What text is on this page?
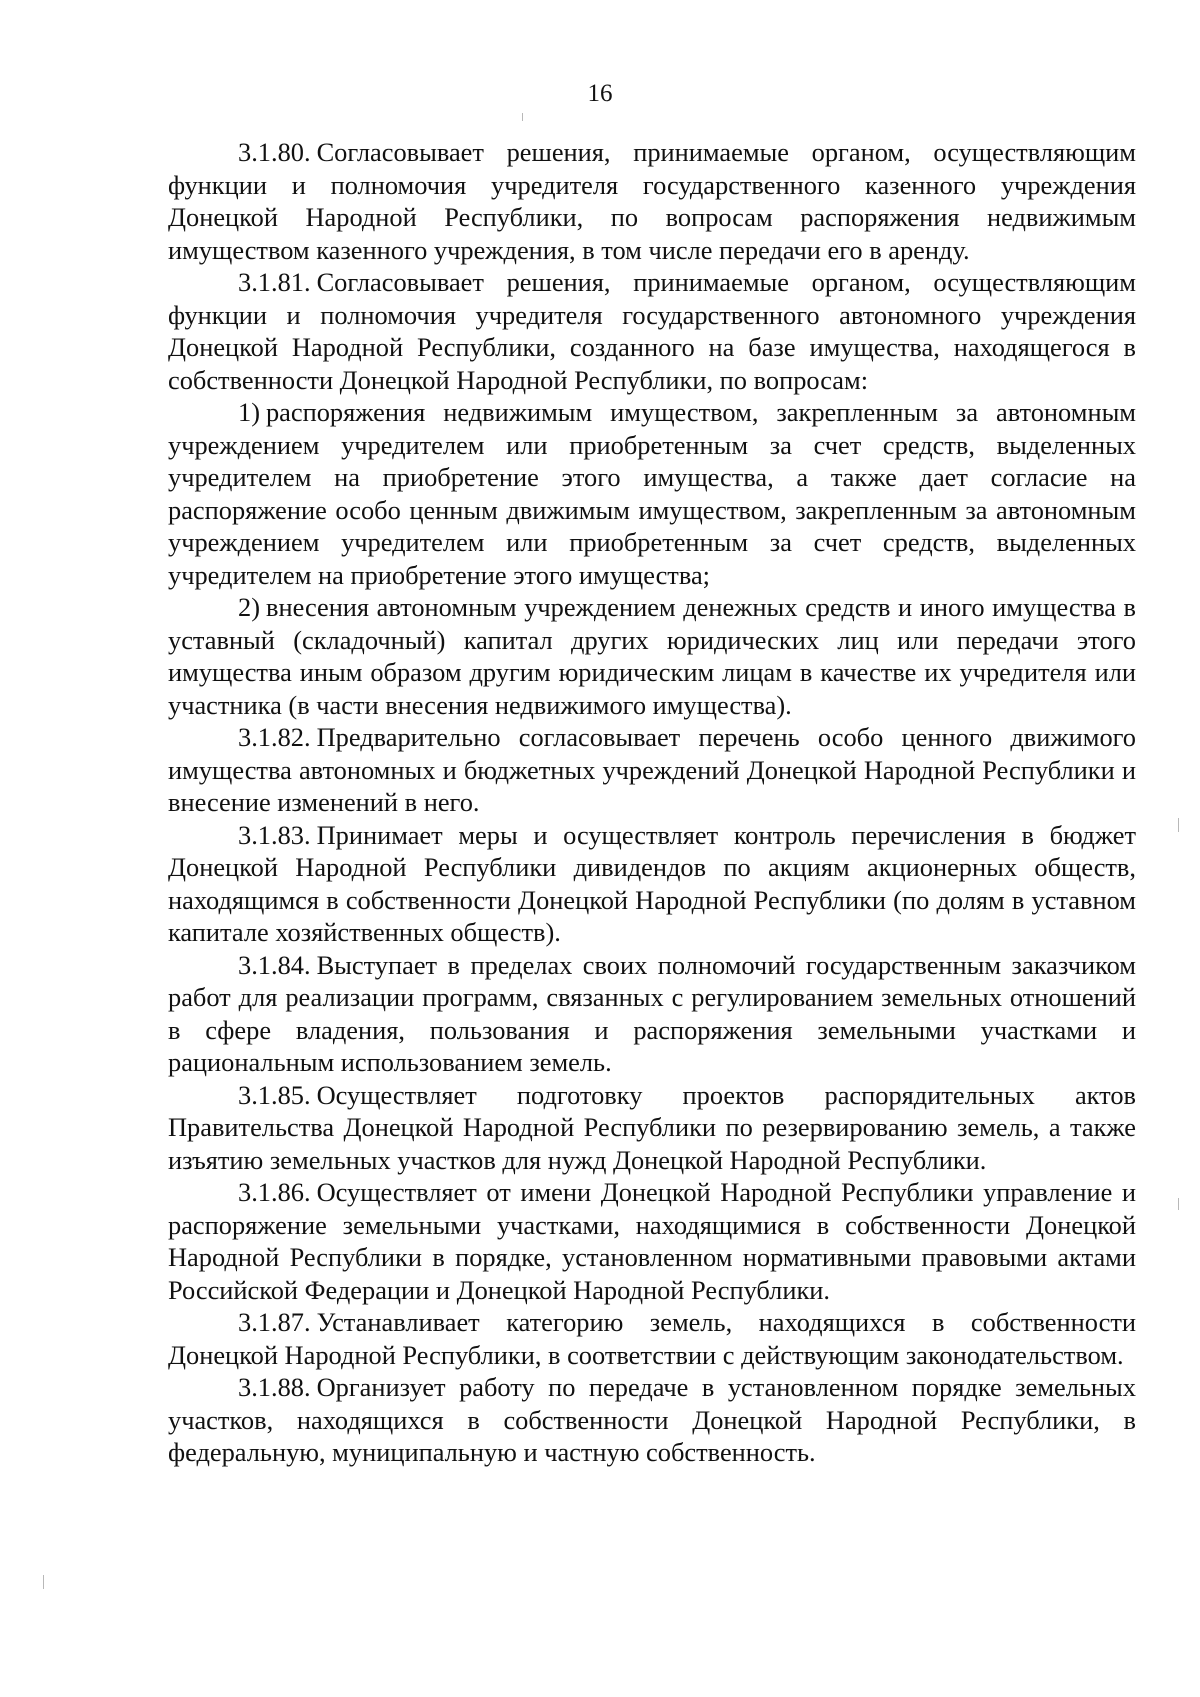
16

3.1.80. Согласовывает решения, принимаемые органом, осуществляющим функции и полномочия учредителя государственного казенного учреждения Донецкой Народной Республики, по вопросам распоряжения недвижимым имуществом казенного учреждения, в том числе передачи его в аренду.

3.1.81. Согласовывает решения, принимаемые органом, осуществляющим функции и полномочия учредителя государственного автономного учреждения Донецкой Народной Республики, созданного на базе имущества, находящегося в собственности Донецкой Народной Республики, по вопросам:

1) распоряжения недвижимым имуществом, закрепленным за автономным учреждением учредителем или приобретенным за счет средств, выделенных учредителем на приобретение этого имущества, а также дает согласие на распоряжение особо ценным движимым имуществом, закрепленным за автономным учреждением учредителем или приобретенным за счет средств, выделенных учредителем на приобретение этого имущества;

2) внесения автономным учреждением денежных средств и иного имущества в уставный (складочный) капитал других юридических лиц или передачи этого имущества иным образом другим юридическим лицам в качестве их учредителя или участника (в части внесения недвижимого имущества).

3.1.82. Предварительно согласовывает перечень особо ценного движимого имущества автономных и бюджетных учреждений Донецкой Народной Республики и внесение изменений в него.

3.1.83. Принимает меры и осуществляет контроль перечисления в бюджет Донецкой Народной Республики дивидендов по акциям акционерных обществ, находящимся в собственности Донецкой Народной Республики (по долям в уставном капитале хозяйственных обществ).

3.1.84. Выступает в пределах своих полномочий государственным заказчиком работ для реализации программ, связанных с регулированием земельных отношений в сфере владения, пользования и распоряжения земельными участками и рациональным использованием земель.

3.1.85. Осуществляет подготовку проектов распорядительных актов Правительства Донецкой Народной Республики по резервированию земель, а также изъятию земельных участков для нужд Донецкой Народной Республики.

3.1.86. Осуществляет от имени Донецкой Народной Республики управление и распоряжение земельными участками, находящимися в собственности Донецкой Народной Республики в порядке, установленном нормативными правовыми актами Российской Федерации и Донецкой Народной Республики.

3.1.87. Устанавливает категорию земель, находящихся в собственности Донецкой Народной Республики, в соответствии с действующим законодательством.

3.1.88. Организует работу по передаче в установленном порядке земельных участков, находящихся в собственности Донецкой Народной Республики, в федеральную, муниципальную и частную собственность.
